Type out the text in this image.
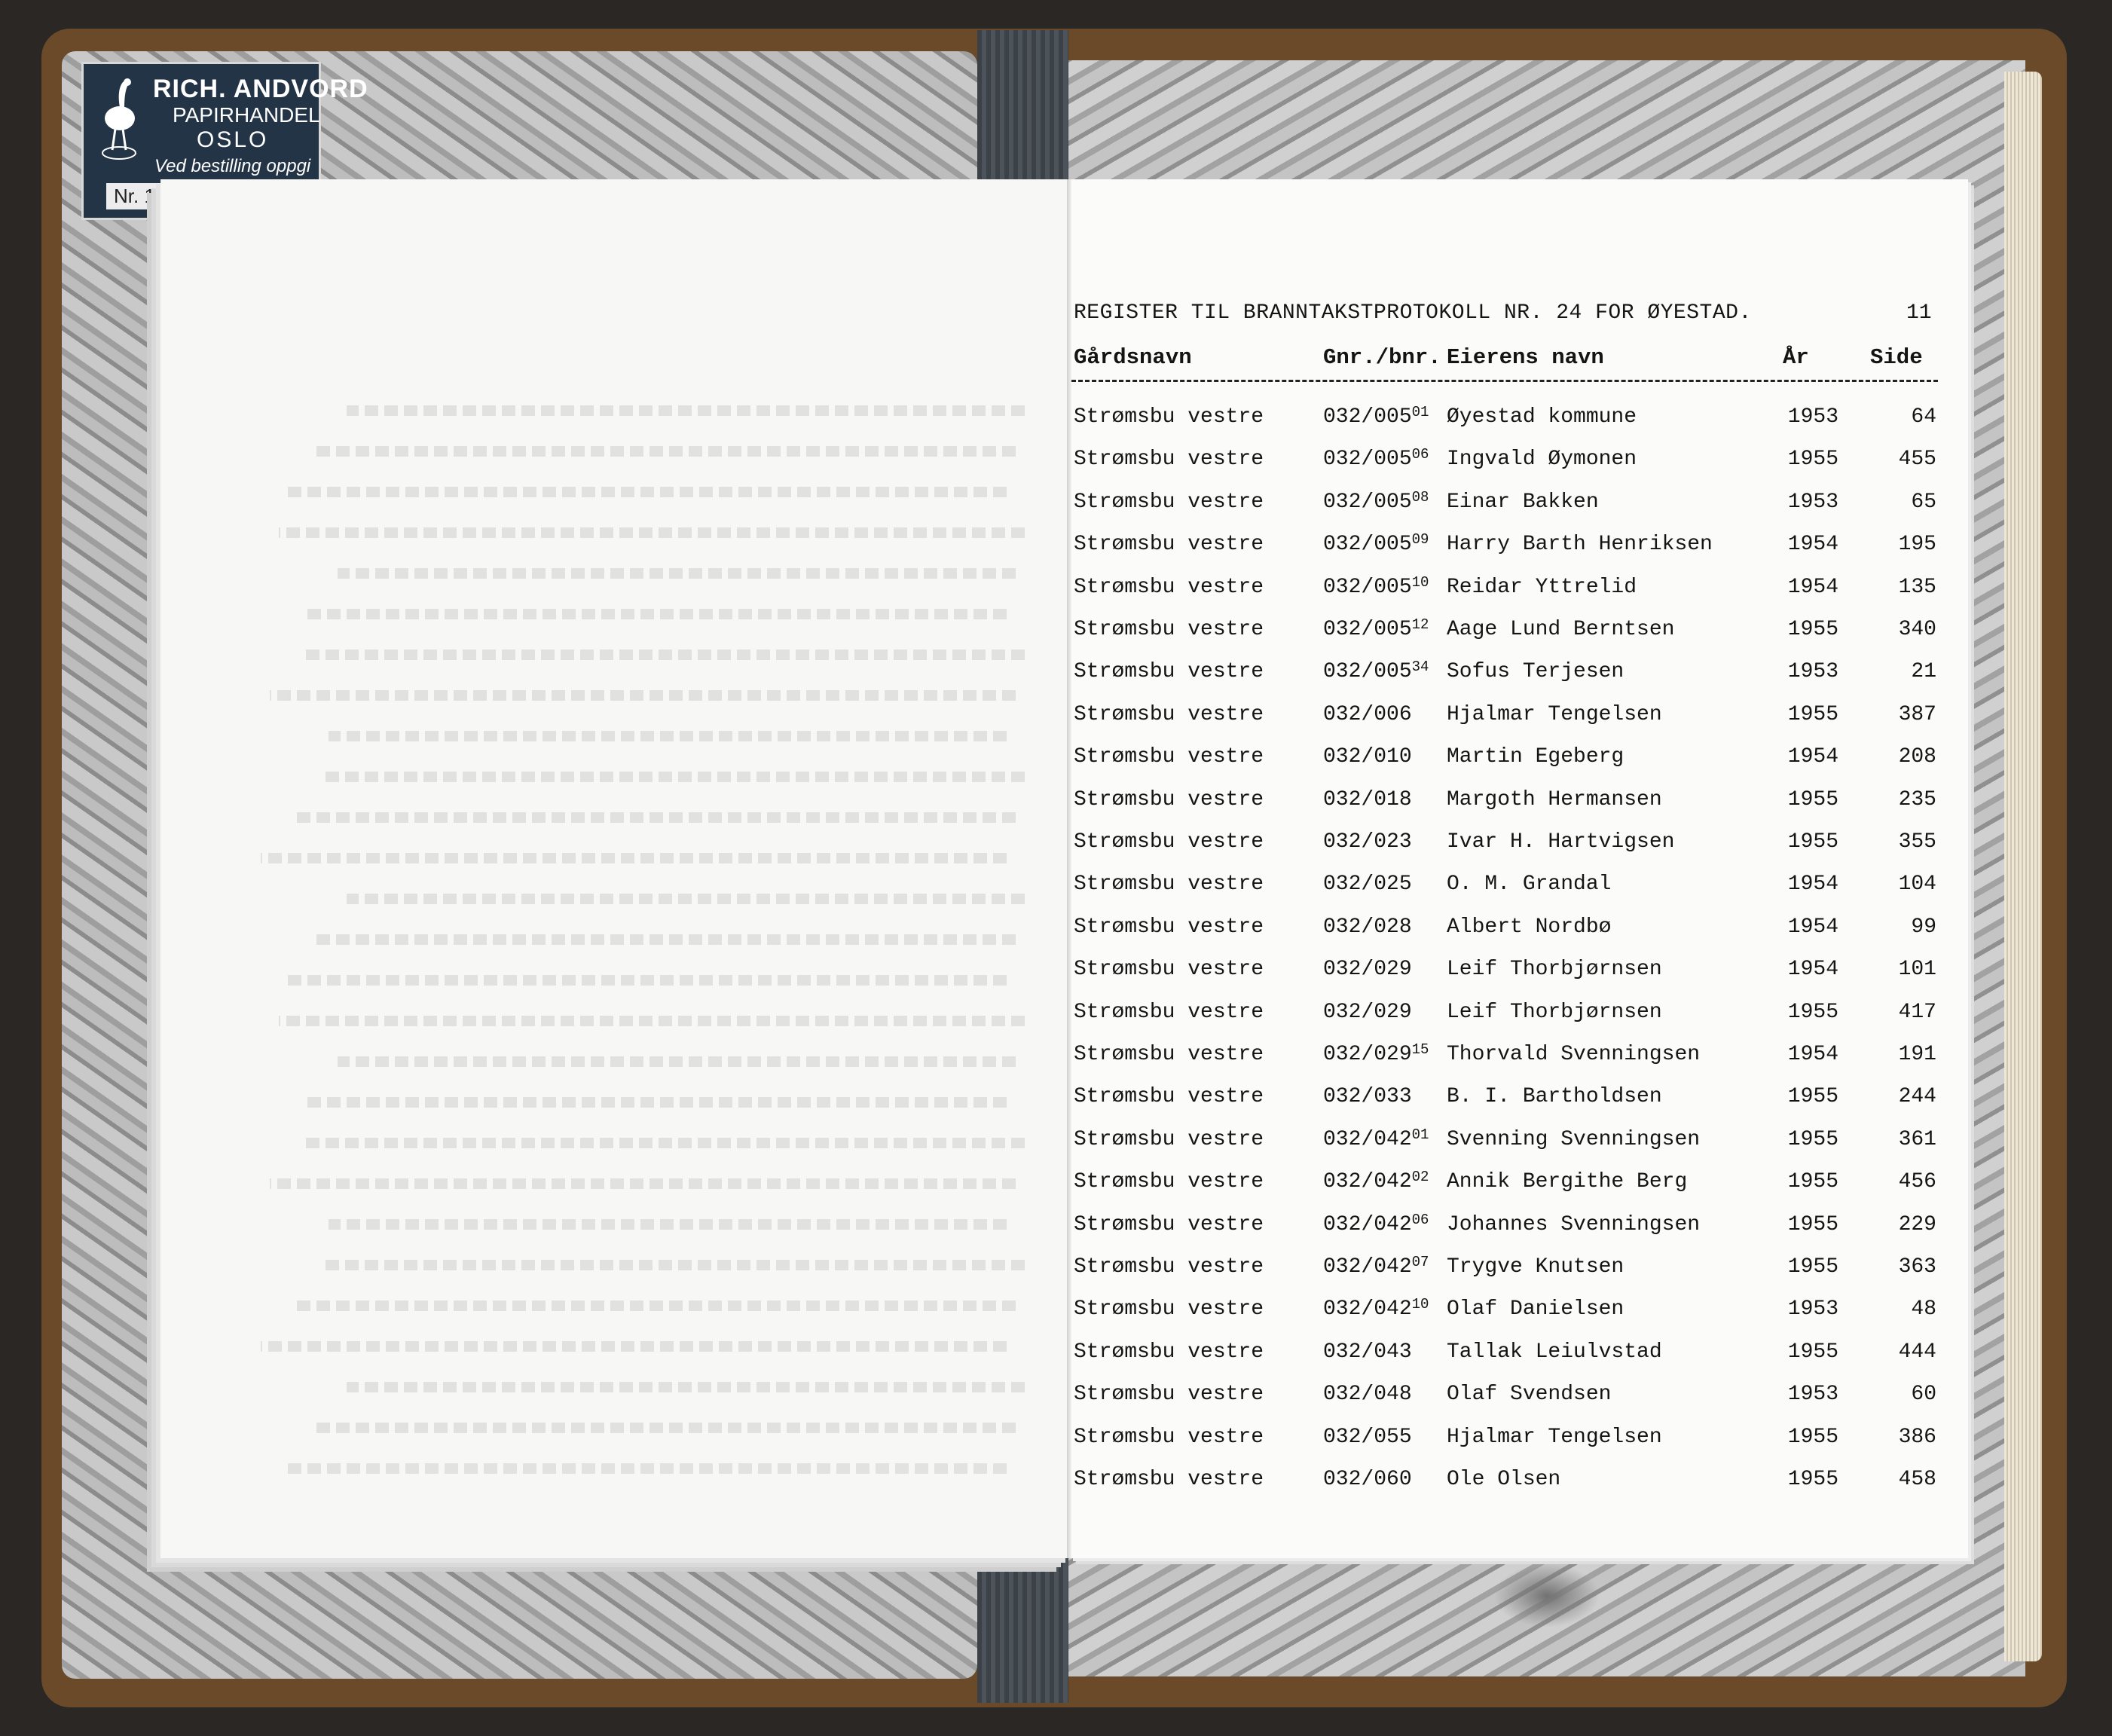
RICH. ANDVORD
PAPIRHANDEL
OSLO
Ved bestilling oppgi
Nr. 1
REGISTER TIL BRANNTAKSTPROTOKOLL NR. 24 FOR ØYESTAD.	11
Gårdsnavn	Gnr./bnr. Eierens navn	År	Side
Strømsbu vestre	$032/005^{01}$ Øyestad kommune	1953	64
Strømsbu vestre	$032/005^{06}$ Ingvald Øymonen	1955	455
Strømsbu vestre	$032/005^{08}$ Einar Bakken	1953	65
Strømsbu vestre	$032/005^{09}$ Harry Barth Henriksen	1954	195
Strømsbu vestre	$032/005^{10}$ Reidar Yttrelid	1954	135
Strømsbu vestre	$032/005^{12}$ Aage Lund Berntsen	1955	340
Strømsbu vestre	$032/005^{34}$ Sofus Terjesen	1953	21
Strømsbu vestre	032/006 Hjalmar Tengelsen	1955	387
Strømsbu vestre	032/010 Martin Egeberg	1954	208
Strømsbu vestre	032/018 Margoth Hermansen	1955	235
Strømsbu vestre	032/023 Ivar H. Hartvigsen	1955	355
Strømsbu vestre	032/025 O. M. Grandal	1954	104
Strømsbu vestre	032/028 Albert Nordbø	1954	99
Strømsbu vestre	032/029 Leif Thorbjørnsen	1954	101
Strømsbu vestre	032/029 Leif Thorbjørnsen	1955	417
Strømsbu vestre	$032/029^{15}$ Thorvald Svenningsen	1954	191
Strømsbu vestre	032/033 B. I. Bartholdsen	1955	244
Strømsbu vestre	$032/042^{01}$ Svenning Svenningsen	1955	361
Strømsbu vestre	$032/042^{02}$ Annik Bergithe Berg	1955	456
Strømsbu vestre	$032/042^{06}$ Johannes Svenningsen	1955	229
Strømsbu vestre	$032/042^{07}$ Trygve Knutsen	1955	363
Strømsbu vestre	$032/042^{10}$ Olaf Danielsen	1953	48
Strømsbu vestre	032/043 Tallak Leiulvstad	1955	444
Strømsbu vestre	032/048 Olaf Svendsen	1953	60
Strømsbu vestre	032/055 Hjalmar Tengelsen	1955	386
Strømsbu vestre	032/060 Ole Olsen	1955	458
